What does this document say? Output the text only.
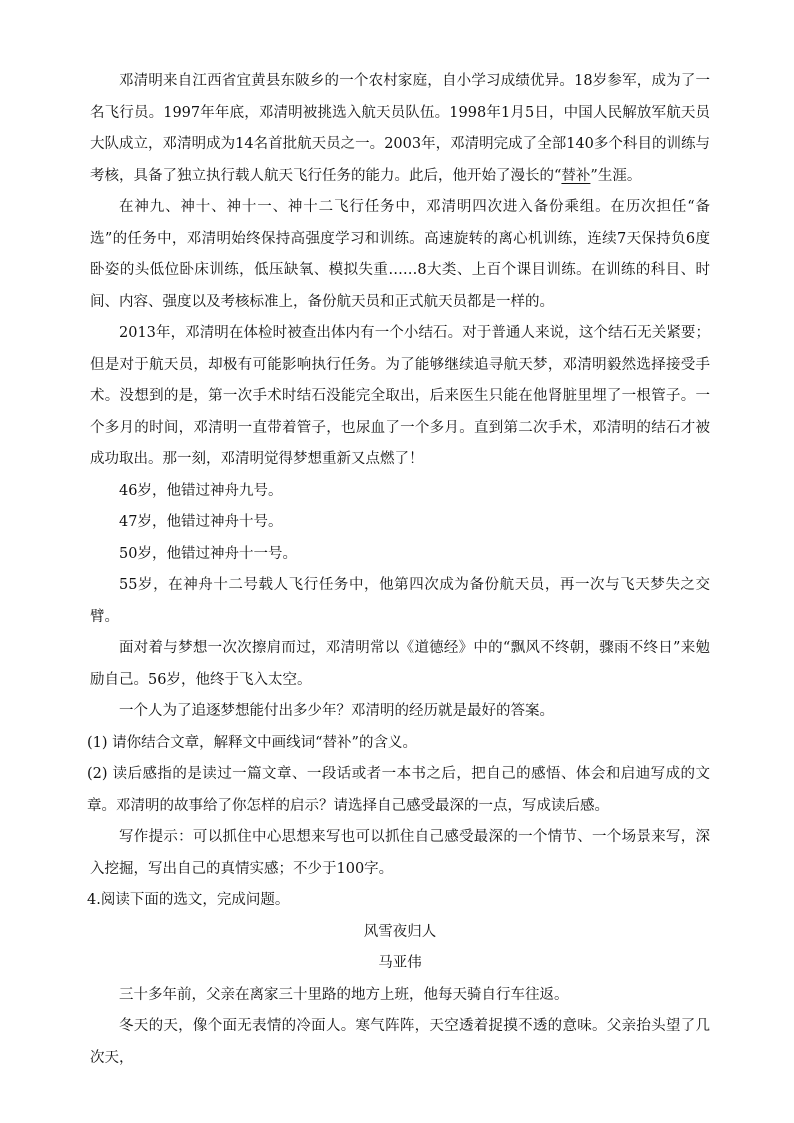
邓清明来自江西省宜黄县东陂乡的一个农村家庭，自小学习成绩优异。18岁参军，成为了一名飞行员。1997年年底，邓清明被挑选入航天员队伍。1998年1月5日，中国人民解放军航天员大队成立，邓清明成为14名首批航天员之一。2003年，邓清明完成了全部140多个科目的训练与考核，具备了独立执行载人航天飞行任务的能力。此后，他开始了漫长的“替补”生涯。

在神九、神十、神十一、神十二飞行任务中，邓清明四次进入备份乘组。在历次担任“备选”的任务中，邓清明始终保持高强度学习和训练。高速旋转的离心机训练，连续7天保持负6度卧姿的头低位卧床训练，低压缺氧、模拟失重……8大类、上百个课目训练。在训练的科目、时间、内容、强度以及考核标准上，备份航天员和正式航天员都是一样的。

2013年，邓清明在体检时被查出体内有一个小结石。对于普通人来说，这个结石无关紧要；但是对于航天员，却极有可能影响执行任务。为了能够继续追寻航天梦，邓清明毅然选择接受手术。没想到的是，第一次手术时结石没能完全取出，后来医生只能在他肾脏里埋了一根管子。一个多月的时间，邓清明一直带着管子，也尿血了一个多月。直到第二次手术，邓清明的结石才被成功取出。那一刻，邓清明觉得梦想重新又点燃了！

46岁，他错过神舟九号。

47岁，他错过神舟十号。

50岁，他错过神舟十一号。

55岁，在神舟十二号载人飞行任务中，他第四次成为备份航天员，再一次与飞天梦失之交臂。

面对着与梦想一次次擦肩而过，邓清明常以《道德经》中的“飘风不终朝，骤雨不终日”来勉励自己。56岁，他终于飞入太空。

一个人为了追逐梦想能付出多少年？邓清明的经历就是最好的答案。

(1) 请你结合文章，解释文中画线词“替补”的含义。

(2) 读后感指的是读过一篇文章、一段话或者一本书之后，把自己的感悟、体会和启迪写成的文章。邓清明的故事给了你怎样的启示？请选择自己感受最深的一点，写成读后感。

写作提示：可以抓住中心思想来写也可以抓住自己感受最深的一个情节、一个场景来写，深入挖掘，写出自己的真情实感；不少于100字。

4.阅读下面的选文，完成问题。

风雪夜归人

马亚伟

三十多年前，父亲在离家三十里路的地方上班，他每天骑自行车往返。

冬天的天，像个面无表情的冷面人。寒气阵阵，天空透着捉摸不透的意味。父亲抬头望了几次天，
